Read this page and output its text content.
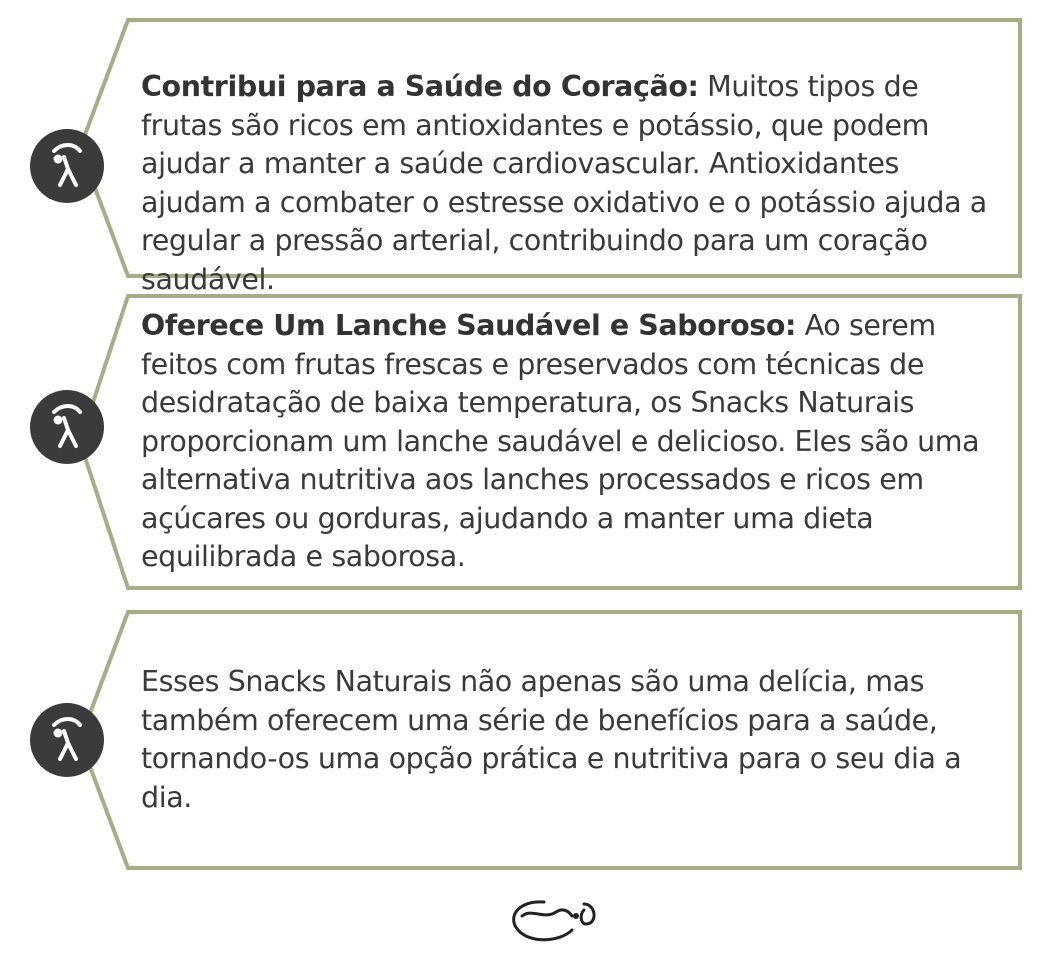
Contribui para a Saúde do Coração: Muitos tipos de frutas são ricos em antioxidantes e potássio, que podem ajudar a manter a saúde cardiovascular. Antioxidantes ajudam a combater o estresse oxidativo e o potássio ajuda a regular a pressão arterial, contribuindo para um coração saudável.
Oferece Um Lanche Saudável e Saboroso: Ao serem feitos com frutas frescas e preservados com técnicas de desidratação de baixa temperatura, os Snacks Naturais proporcionam um lanche saudável e delicioso. Eles são uma alternativa nutritiva aos lanches processados e ricos em açúcares ou gorduras, ajudando a manter uma dieta equilibrada e saborosa.
Esses Snacks Naturais não apenas são uma delícia, mas também oferecem uma série de benefícios para a saúde, tornando-os uma opção prática e nutritiva para o seu dia a dia.
